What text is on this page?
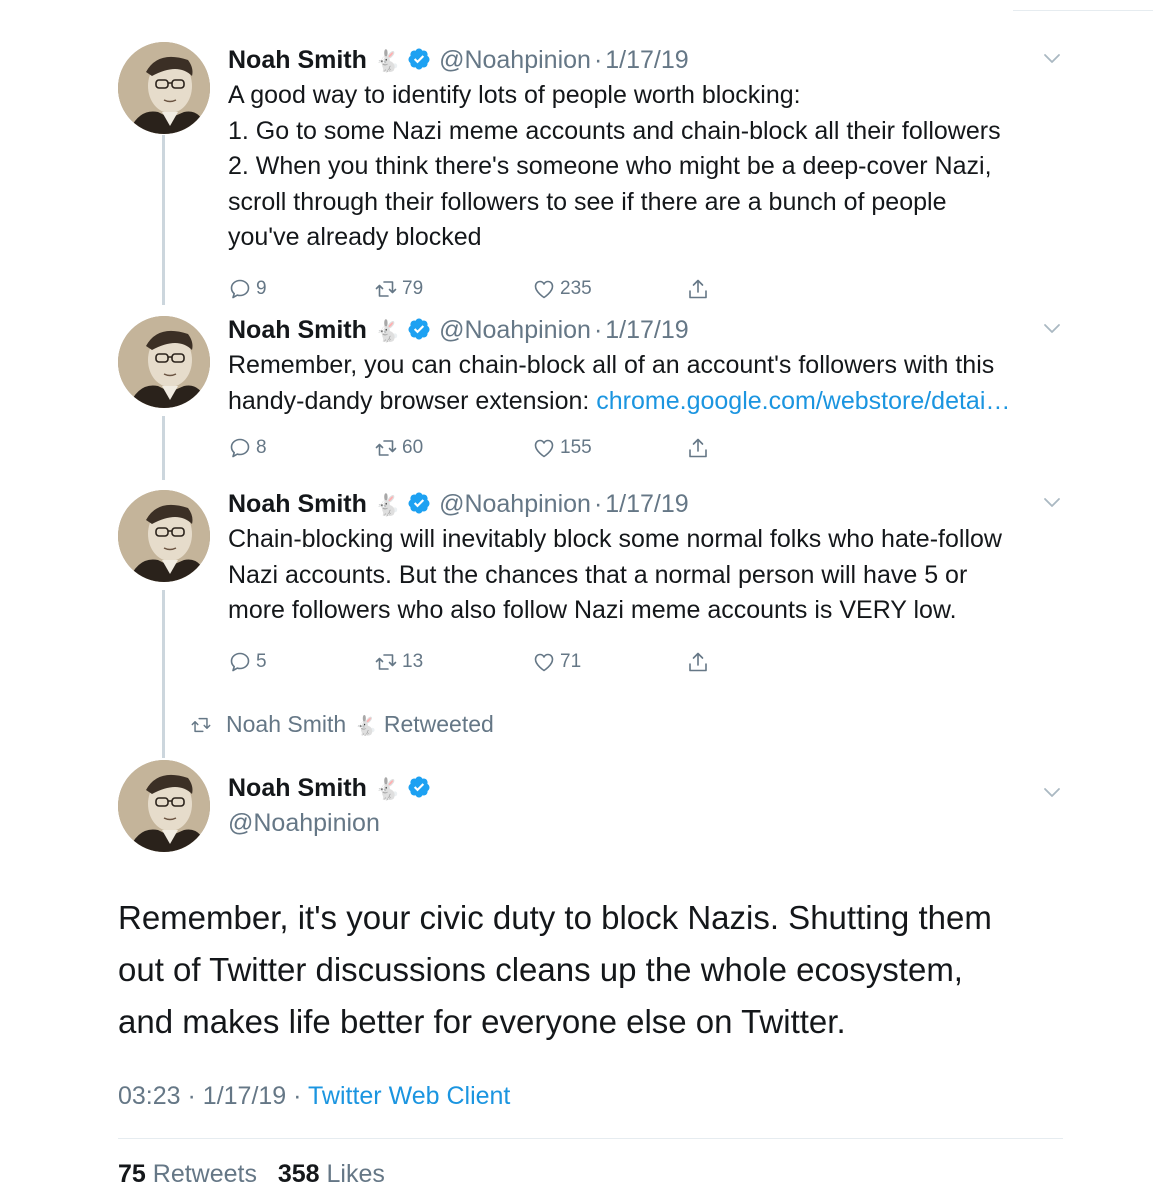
Noah Smith 🐇 @Noahpinion · 1/17/19
A good way to identify lots of people worth blocking:
1. Go to some Nazi meme accounts and chain-block all their followers
2. When you think there's someone who might be a deep-cover Nazi,
scroll through their followers to see if there are a bunch of people
you've already blocked
9	79	235
Noah Smith 🐇 @Noahpinion · 1/17/19
Remember, you can chain-block all of an account's followers with this
handy-dandy browser extension: chrome.google.com/webstore/detai…
8	60	155
Noah Smith 🐇 @Noahpinion · 1/17/19
Chain-blocking will inevitably block some normal folks who hate-follow
Nazi accounts. But the chances that a normal person will have 5 or
more followers who also follow Nazi meme accounts is VERY low.
5	13	71
Noah Smith 🐇 Retweeted
Noah Smith 🐇
@Noahpinion
Remember, it's your civic duty to block Nazis. Shutting them
out of Twitter discussions cleans up the whole ecosystem,
and makes life better for everyone else on Twitter.
03:23 · 1/17/19 · Twitter Web Client
75 Retweets 358 Likes
